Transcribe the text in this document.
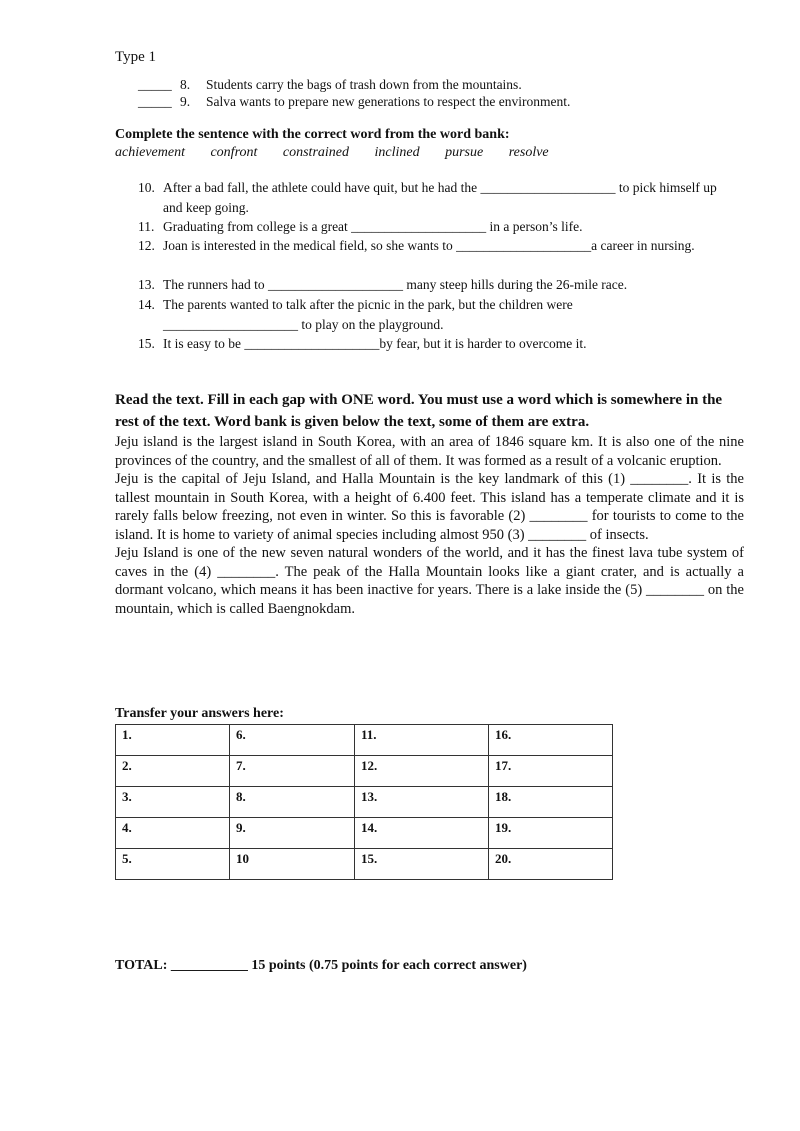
Type 1
_____ 8. Students carry the bags of trash down from the mountains.
_____ 9. Salva wants to prepare new generations to respect the environment.
Complete the sentence with the correct word from the word bank:
achievement confront constrained inclined pursue resolve
10. After a bad fall, the athlete could have quit, but he had the ____________________ to pick himself up and keep going.
11. Graduating from college is a great ____________________ in a person’s life.
12. Joan is interested in the medical field, so she wants to ____________________a career in nursing.
13. The runners had to ____________________ many steep hills during the 26-mile race.
14. The parents wanted to talk after the picnic in the park, but the children were ____________________ to play on the playground.
15. It is easy to be ____________________by fear, but it is harder to overcome it.
Read the text. Fill in each gap with ONE word. You must use a word which is somewhere in the rest of the text. Word bank is given below the text, some of them are extra.

Jeju island is the largest island in South Korea, with an area of 1846 square km. It is also one of the nine provinces of the country, and the smallest of all of them. It was formed as a result of a volcanic eruption.

Jeju is the capital of Jeju Island, and Halla Mountain is the key landmark of this (1) ________. It is the tallest mountain in South Korea, with a height of 6.400 feet. This island has a temperate climate and it is rarely falls below freezing, not even in winter. So this is favorable (2) ________ for tourists to come to the island. It is home to variety of animal species including almost 950 (3) ________ of insects.

Jeju Island is one of the new seven natural wonders of the world, and it has the finest lava tube system of caves in the (4) ________. The peak of the Halla Mountain looks like a giant crater, and is actually a dormant volcano, which means it has been inactive for years. There is a lake inside the (5) ________ on the mountain, which is called Baengnokdam.

Transfer your answers here:
1.	6.	11.	16.
2.	7.	12.	17.
3.	8.	13.	18.
4.	9.	14.	19.
5.	10	15.	20.
TOTAL: ___________ 15 points (0.75 points for each correct answer)
